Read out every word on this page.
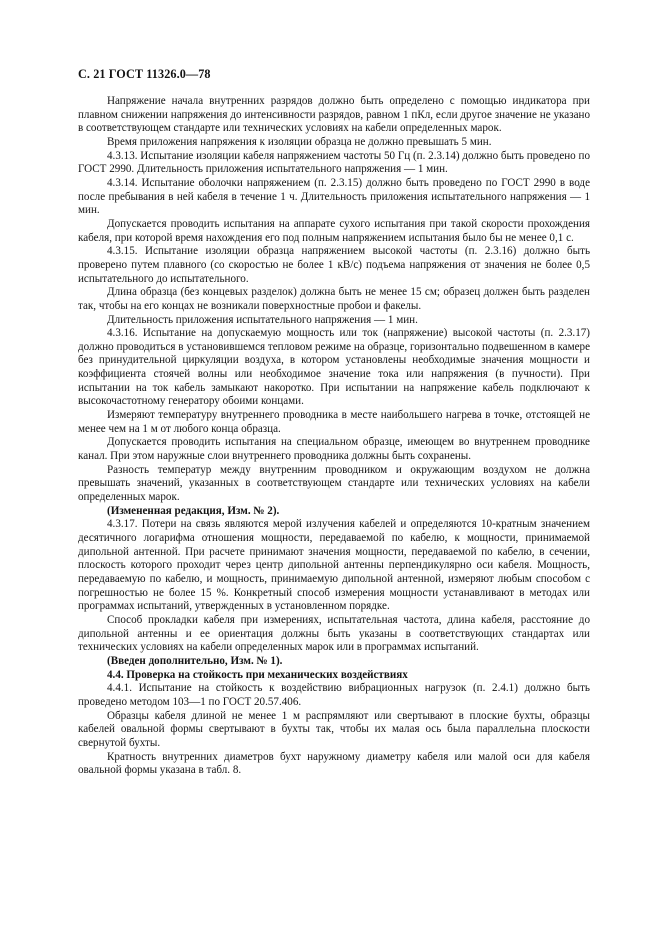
С. 21 ГОСТ 11326.0—78

Напряжение начала внутренних разрядов должно быть определено с помощью индикатора при плавном снижении напряжения до интенсивности разрядов, равном 1 пКл, если другое значение не указано в соответствующем стандарте или технических условиях на кабели определенных марок.

Время приложения напряжения к изоляции образца не должно превышать 5 мин.

4.3.13. Испытание изоляции кабеля напряжением частоты 50 Гц (п. 2.3.14) должно быть проведено по ГОСТ 2990. Длительность приложения испытательного напряжения — 1 мин.

4.3.14. Испытание оболочки напряжением (п. 2.3.15) должно быть проведено по ГОСТ 2990 в воде после пребывания в ней кабеля в течение 1 ч. Длительность приложения испытательного напряжения — 1 мин.

Допускается проводить испытания на аппарате сухого испытания при такой скорости прохождения кабеля, при которой время нахождения его под полным напряжением испытания было бы не менее 0,1 с.

4.3.15. Испытание изоляции образца напряжением высокой частоты (п. 2.3.16) должно быть проверено путем плавного (со скоростью не более 1 кВ/с) подъема напряжения от значения не более 0,5 испытательного до испытательного.

Длина образца (без концевых разделок) должна быть не менее 15 см; образец должен быть разделен так, чтобы на его концах не возникали поверхностные пробои и факелы.

Длительность приложения испытательного напряжения — 1 мин.

4.3.16. Испытание на допускаемую мощность или ток (напряжение) высокой частоты (п. 2.3.17) должно проводиться в установившемся тепловом режиме на образце, горизонтально подвешенном в камере без принудительной циркуляции воздуха, в котором установлены необходимые значения мощности и коэффициента стоячей волны или необходимое значение тока или напряжения (в пучности). При испытании на ток кабель замыкают накоротко. При испытании на напряжение кабель подключают к высокочастотному генератору обоими концами.

Измеряют температуру внутреннего проводника в месте наибольшего нагрева в точке, отстоящей не менее чем на 1 м от любого конца образца.

Допускается проводить испытания на специальном образце, имеющем во внутреннем проводнике канал. При этом наружные слои внутреннего проводника должны быть сохранены.

Разность температур между внутренним проводником и окружающим воздухом не должна превышать значений, указанных в соответствующем стандарте или технических условиях на кабели определенных марок.

(Измененная редакция, Изм. № 2).

4.3.17. Потери на связь являются мерой излучения кабелей и определяются 10-кратным значением десятичного логарифма отношения мощности, передаваемой по кабелю, к мощности, принимаемой дипольной антенной. При расчете принимают значения мощности, передаваемой по кабелю, в сечении, плоскость которого проходит через центр дипольной антенны перпендикулярно оси кабеля. Мощность, передаваемую по кабелю, и мощность, принимаемую дипольной антенной, измеряют любым способом с погрешностью не более 15 %. Конкретный способ измерения мощности устанавливают в методах или программах испытаний, утвержденных в установленном порядке.

Способ прокладки кабеля при измерениях, испытательная частота, длина кабеля, расстояние до дипольной антенны и ее ориентация должны быть указаны в соответствующих стандартах или технических условиях на кабели определенных марок или в программах испытаний.

(Введен дополнительно, Изм. № 1).

4.4. Проверка на стойкость при механических воздействиях

4.4.1. Испытание на стойкость к воздействию вибрационных нагрузок (п. 2.4.1) должно быть проведено методом 103—1 по ГОСТ 20.57.406.

Образцы кабеля длиной не менее 1 м распрямляют или свертывают в плоские бухты, образцы кабелей овальной формы свертывают в бухты так, чтобы их малая ось была параллельна плоскости свернутой бухты.

Кратность внутренних диаметров бухт наружному диаметру кабеля или малой оси для кабеля овальной формы указана в табл. 8.
